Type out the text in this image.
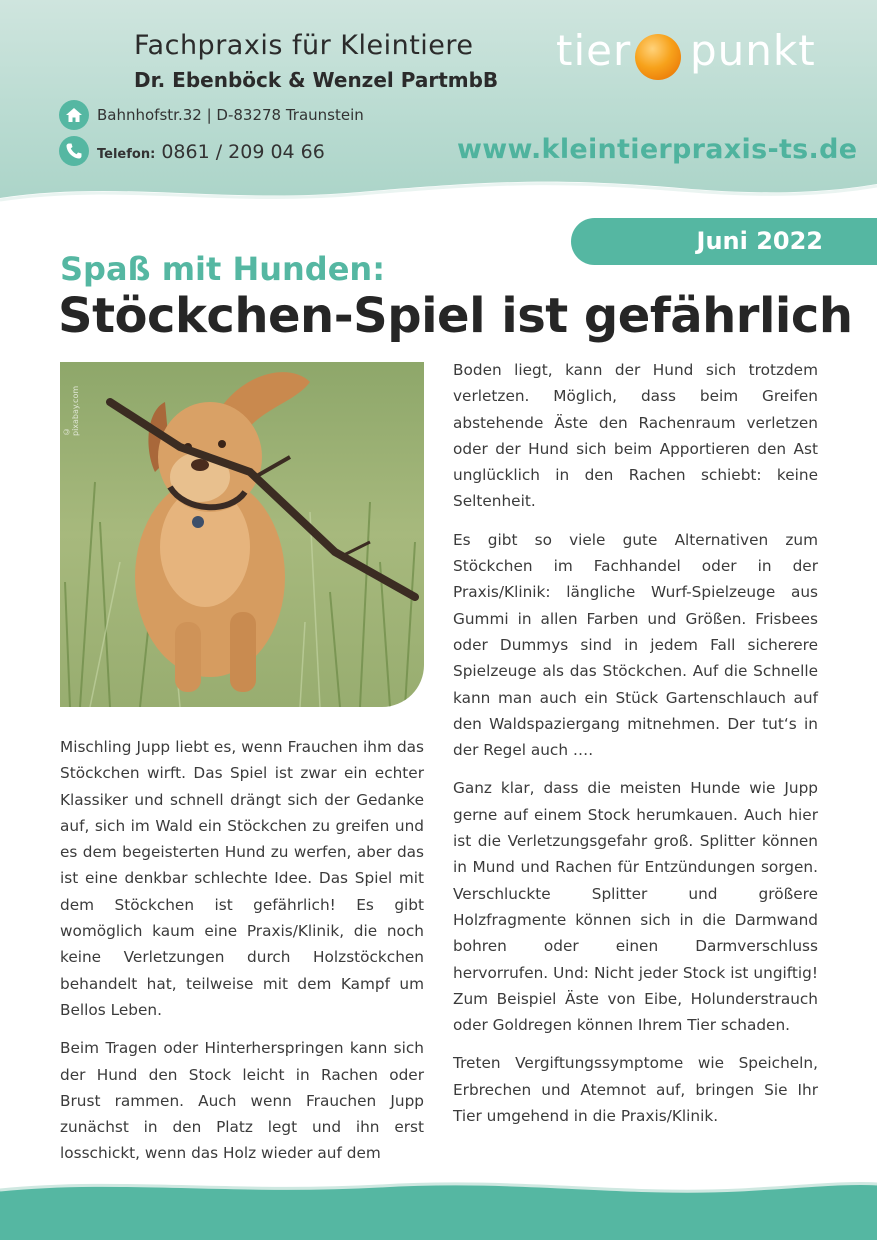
Fachpraxis für Kleintiere
Dr. Ebenböck & Wenzel PartmbB
tier punkt
Bahnhofstr.32 | D-83278 Traunstein
Telefon: 0861 / 209 04 66	www.kleintierpraxis-ts.de
Juni 2022
Spaß mit Hunden:
Stöckchen-Spiel ist gefährlich
© pixabay.com

Mischling Jupp liebt es, wenn Frauchen ihm das Stöckchen wirft. Das Spiel ist zwar ein echter Klassiker und schnell drängt sich der Gedanke auf, sich im Wald ein Stöckchen zu greifen und es dem begeisterten Hund zu werfen, aber das ist eine denkbar schlechte Idee. Das Spiel mit dem Stöckchen ist gefährlich! Es gibt womöglich kaum eine Praxis/Klinik, die noch keine Verletzungen durch Holzstöckchen behandelt hat, teilweise mit dem Kampf um Bellos Leben.

Beim Tragen oder Hinterherspringen kann sich der Hund den Stock leicht in Rachen oder Brust rammen. Auch wenn Frauchen Jupp zunächst in den Platz legt und ihn erst losschickt, wenn das Holz wieder auf dem

Boden liegt, kann der Hund sich trotzdem verletzen. Möglich, dass beim Greifen abstehende Äste den Rachenraum verletzen oder der Hund sich beim Apportieren den Ast unglücklich in den Rachen schiebt: keine Seltenheit.

Es gibt so viele gute Alternativen zum Stöckchen im Fachhandel oder in der Praxis/Klinik: längliche Wurf-Spielzeuge aus Gummi in allen Farben und Größen. Frisbees oder Dummys sind in jedem Fall sicherere Spielzeuge als das Stöckchen. Auf die Schnelle kann man auch ein Stück Gartenschlauch auf den Waldspaziergang mitnehmen. Der tut‘s in der Regel auch ….

Ganz klar, dass die meisten Hunde wie Jupp gerne auf einem Stock herumkauen. Auch hier ist die Verletzungsgefahr groß. Splitter können in Mund und Rachen für Entzündungen sorgen. Verschluckte Splitter und größere Holzfragmente können sich in die Darmwand bohren oder einen Darmverschluss hervorrufen. Und: Nicht jeder Stock ist ungiftig! Zum Beispiel Äste von Eibe, Holunderstrauch oder Goldregen können Ihrem Tier schaden.

Treten Vergiftungssymptome wie Speicheln, Erbrechen und Atemnot auf, bringen Sie Ihr Tier umgehend in die Praxis/Klinik.
